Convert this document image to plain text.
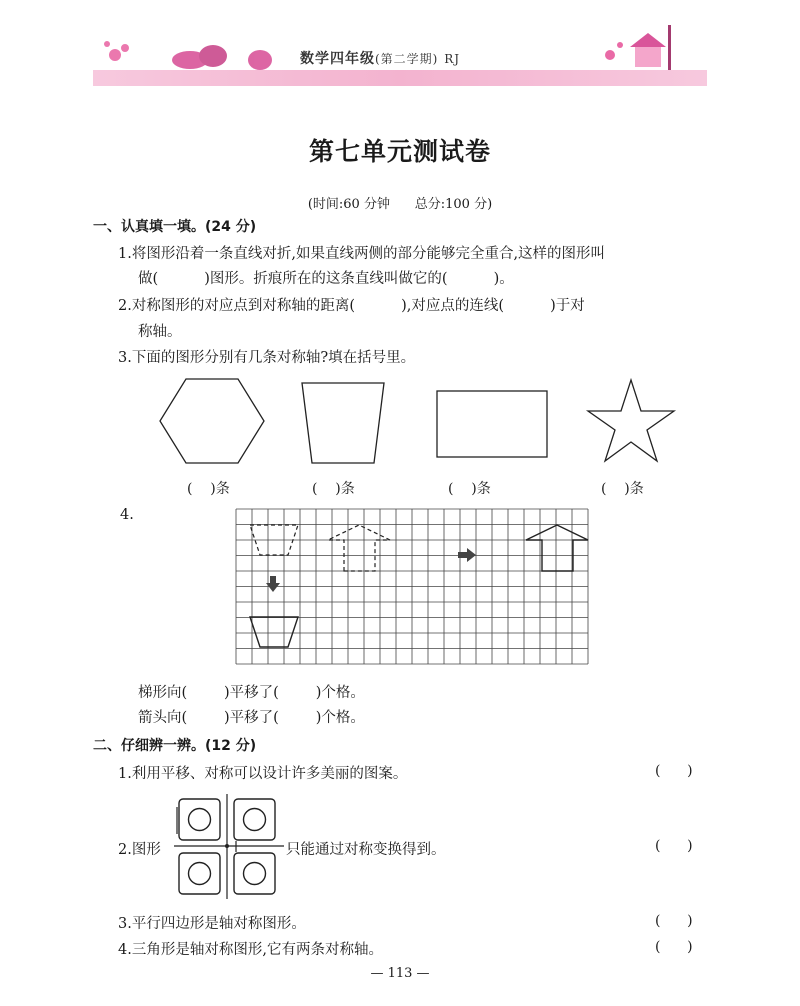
数学四年级(第二学期) RJ
第七单元测试卷
(时间:60 分钟      总分:100 分)
一、认真填一填。(24 分)
1.将图形沿着一条直线对折,如果直线两侧的部分能够完全重合,这样的图形叫
做(          )图形。折痕所在的这条直线叫做它的(          )。
2.对称图形的对应点到对称轴的距离(          ),对应点的连线(          )于对
称轴。
3.下面的图形分别有几条对称轴?填在括号里。
(    )条	(    )条	(    )条	(    )条
4.
梯形向(        )平移了(        )个格。
箭头向(        )平移了(        )个格。
二、仔细辨一辨。(12 分)
1.利用平移、对称可以设计许多美丽的图案。	(      )
2.图形	只能通过对称变换得到。	(      )
3.平行四边形是轴对称图形。	(      )
4.三角形是轴对称图形,它有两条对称轴。	(      )
— 113 —
